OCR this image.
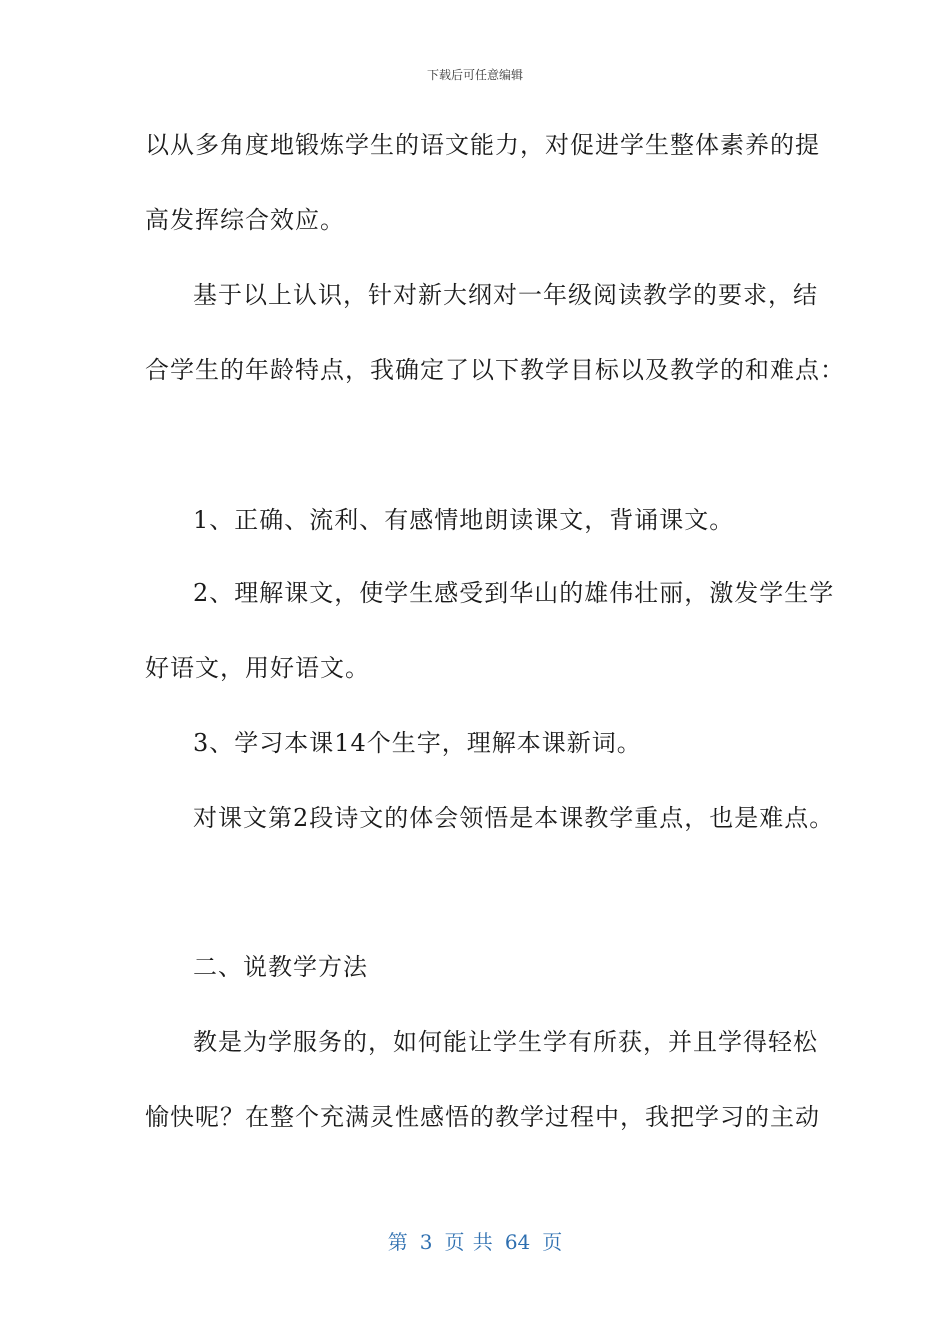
下载后可任意编辑
以从多角度地锻炼学生的语文能力，对促进学生整体素养的提
高发挥综合效应。
基于以上认识，针对新大纲对一年级阅读教学的要求，结
合学生的年龄特点，我确定了以下教学目标以及教学的和难点：
1、正确、流利、有感情地朗读课文，背诵课文。
2、理解课文，使学生感受到华山的雄伟壮丽，激发学生学
好语文，用好语文。
3、学习本课14个生字，理解本课新词。
对课文第2段诗文的体会领悟是本课教学重点，也是难点。
二、说教学方法
教是为学服务的，如何能让学生学有所获，并且学得轻松
愉快呢？在整个充满灵性感悟的教学过程中，我把学习的主动
第 3 页 共 64 页
